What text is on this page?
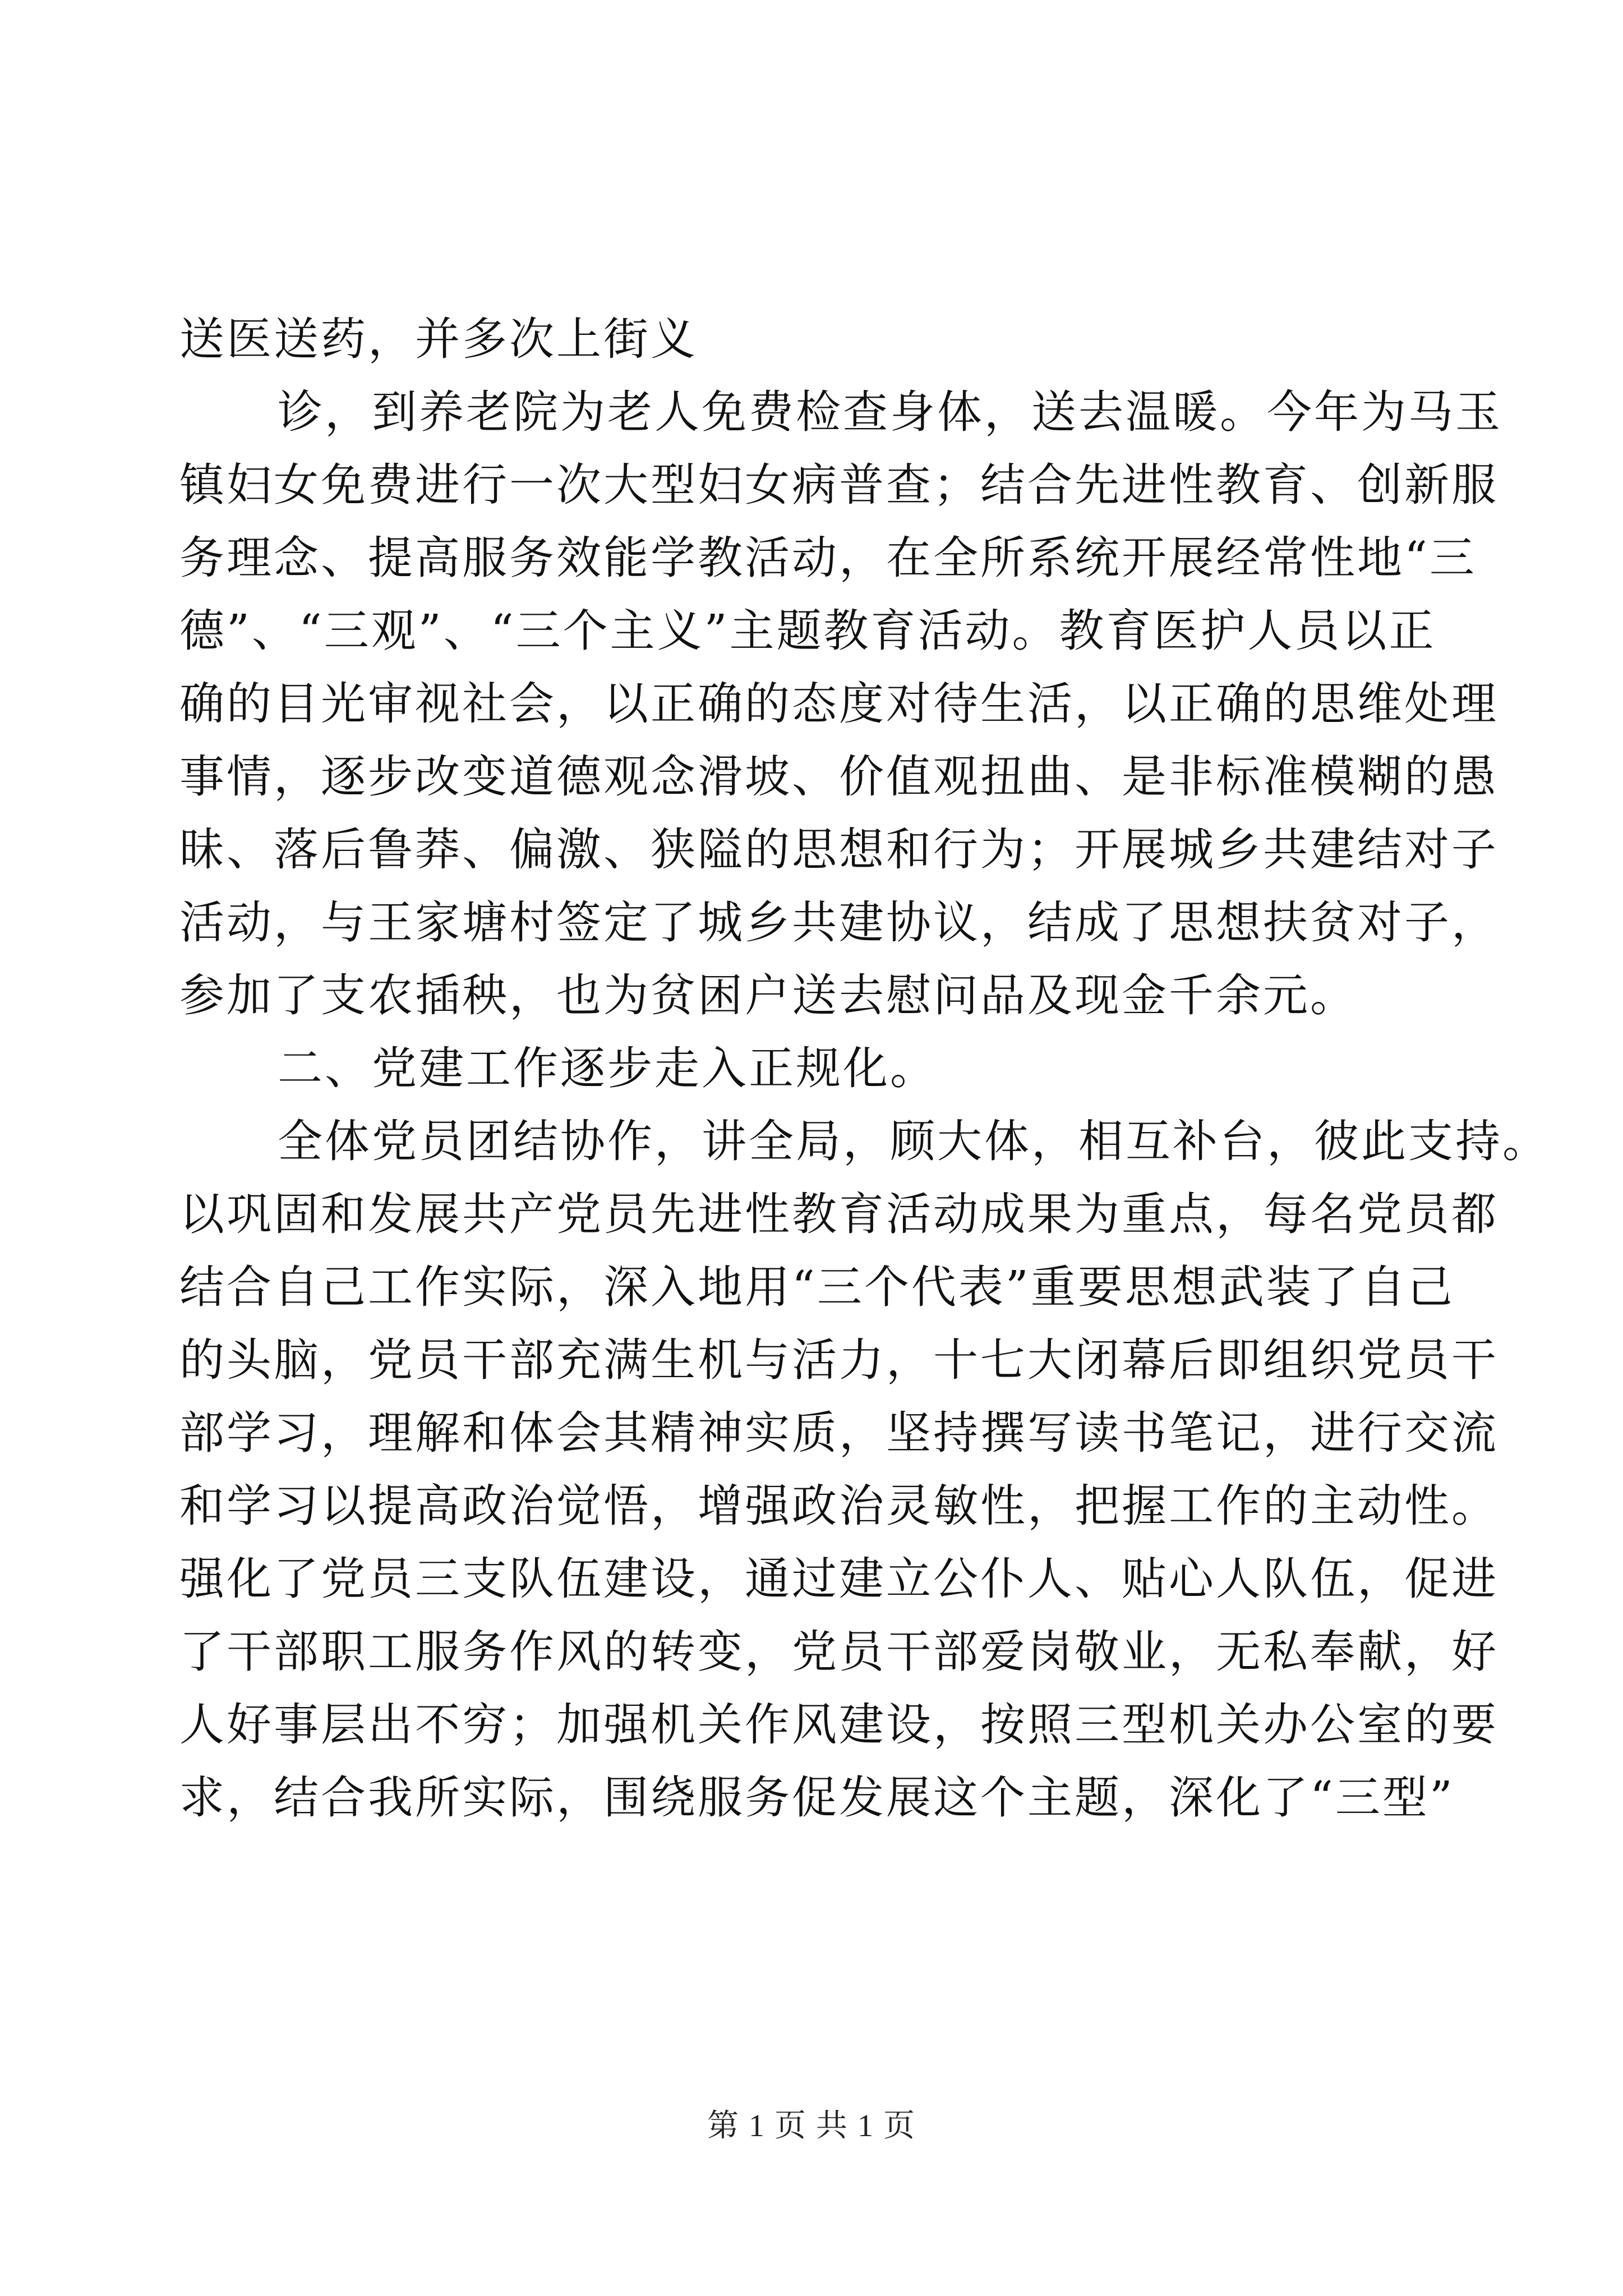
送医送药，并多次上街义
诊，到养老院为老人免费检查身体，送去温暖。今年为马玉
镇妇女免费进行一次大型妇女病普查；结合先进性教育、创新服
务理念、提高服务效能学教活动，在全所系统开展经常性地“三
德”、“三观”、“三个主义”主题教育活动。教育医护人员以正
确的目光审视社会，以正确的态度对待生活，以正确的思维处理
事情，逐步改变道德观念滑坡、价值观扭曲、是非标准模糊的愚
昧、落后鲁莽、偏激、狭隘的思想和行为；开展城乡共建结对子
活动，与王家塘村签定了城乡共建协议，结成了思想扶贫对子，
参加了支农插秧，也为贫困户送去慰问品及现金千余元。
二、党建工作逐步走入正规化。
全体党员团结协作，讲全局，顾大体，相互补台，彼此支持。
以巩固和发展共产党员先进性教育活动成果为重点，每名党员都
结合自己工作实际，深入地用“三个代表”重要思想武装了自己
的头脑，党员干部充满生机与活力，十七大闭幕后即组织党员干
部学习，理解和体会其精神实质，坚持撰写读书笔记，进行交流
和学习以提高政治觉悟，增强政治灵敏性，把握工作的主动性。
强化了党员三支队伍建设，通过建立公仆人、贴心人队伍，促进
了干部职工服务作风的转变，党员干部爱岗敬业，无私奉献，好
人好事层出不穷；加强机关作风建设，按照三型机关办公室的要
求，结合我所实际，围绕服务促发展这个主题，深化了“三型”
第 1 页 共 1 页
